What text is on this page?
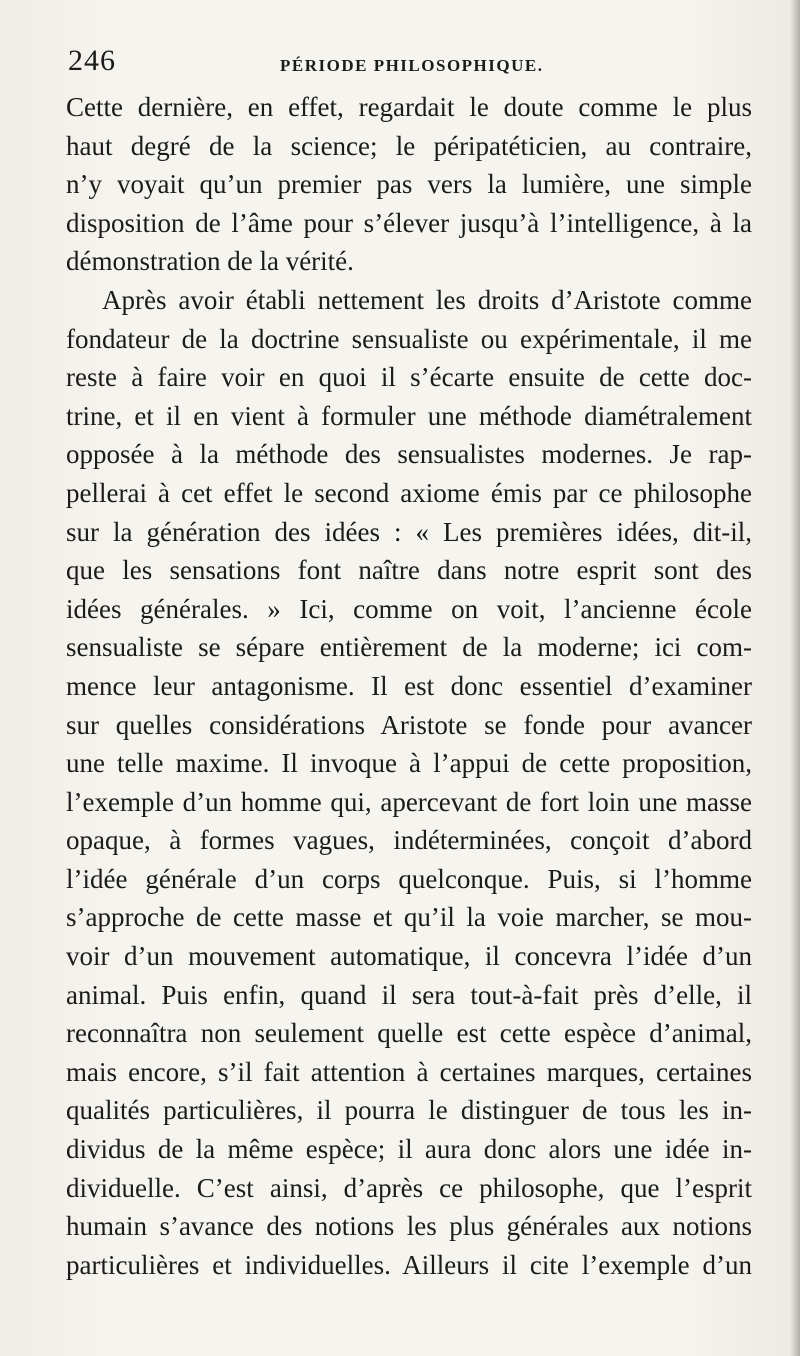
246	PÉRIODE PHILOSOPHIQUE.
Cette dernière, en effet, regardait le doute comme le plus
haut degré de la science; le péripatéticien, au contraire,
n’y voyait qu’un premier pas vers la lumière, une simple
disposition de l’âme pour s’élever jusqu’à l’intelligence, à la
démonstration de la vérité.
Après avoir établi nettement les droits d’Aristote comme
fondateur de la doctrine sensualiste ou expérimentale, il me
reste à faire voir en quoi il s’écarte ensuite de cette doc-
trine, et il en vient à formuler une méthode diamétralement
opposée à la méthode des sensualistes modernes. Je rap-
pellerai à cet effet le second axiome émis par ce philosophe
sur la génération des idées : « Les premières idées, dit-il,
que les sensations font naître dans notre esprit sont des
idées générales. » Ici, comme on voit, l’ancienne école
sensualiste se sépare entièrement de la moderne; ici com-
mence leur antagonisme. Il est donc essentiel d’examiner
sur quelles considérations Aristote se fonde pour avancer
une telle maxime. Il invoque à l’appui de cette proposition,
l’exemple d’un homme qui, apercevant de fort loin une masse
opaque, à formes vagues, indéterminées, conçoit d’abord
l’idée générale d’un corps quelconque. Puis, si l’homme
s’approche de cette masse et qu’il la voie marcher, se mou-
voir d’un mouvement automatique, il concevra l’idée d’un
animal. Puis enfin, quand il sera tout-à-fait près d’elle, il
reconnaîtra non seulement quelle est cette espèce d’animal,
mais encore, s’il fait attention à certaines marques, certaines
qualités particulières, il pourra le distinguer de tous les in-
dividus de la même espèce; il aura donc alors une idée in-
dividuelle. C’est ainsi, d’après ce philosophe, que l’esprit
humain s’avance des notions les plus générales aux notions
particulières et individuelles. Ailleurs il cite l’exemple d’un
